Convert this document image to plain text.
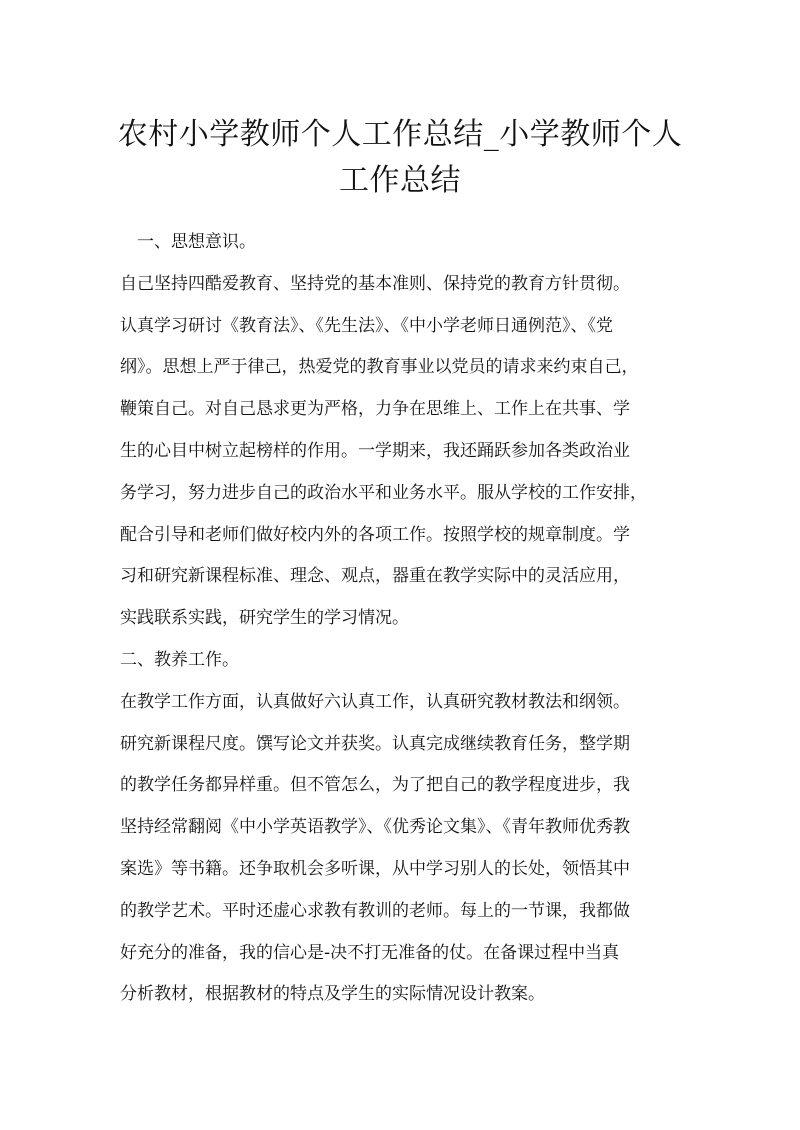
农村小学教师个人工作总结_小学教师个人
工作总结
一、思想意识。
自己坚持四酷爱教育、坚持党的基本准则、保持党的教育方针贯彻。
认真学习研讨《教育法》、《先生法》、《中小学老师日通例范》、《党
纲》。思想上严于律己，热爱党的教育事业以党员的请求来约束自己，
鞭策自己。对自己恳求更为严格，力争在思维上、工作上在共事、学
生的心目中树立起榜样的作用。一学期来，我还踊跃参加各类政治业
务学习，努力进步自己的政治水平和业务水平。服从学校的工作安排，
配合引导和老师们做好校内外的各项工作。按照学校的规章制度。学
习和研究新课程标准、理念、观点，器重在教学实际中的灵活应用，
实践联系实践，研究学生的学习情况。
二、教养工作。
在教学工作方面，认真做好六认真工作，认真研究教材教法和纲领。
研究新课程尺度。馔写论文并获奖。认真完成继续教育任务，整学期
的教学任务都异样重。但不管怎么，为了把自己的教学程度进步，我
坚持经常翻阅《中小学英语教学》、《优秀论文集》、《青年教师优秀教
案选》等书籍。还争取机会多听课，从中学习别人的长处，领悟其中
的教学艺术。平时还虚心求教有教训的老师。每上的一节课，我都做
好充分的准备，我的信心是-决不打无准备的仗。在备课过程中当真
分析教材，根据教材的特点及学生的实际情况设计教案。
